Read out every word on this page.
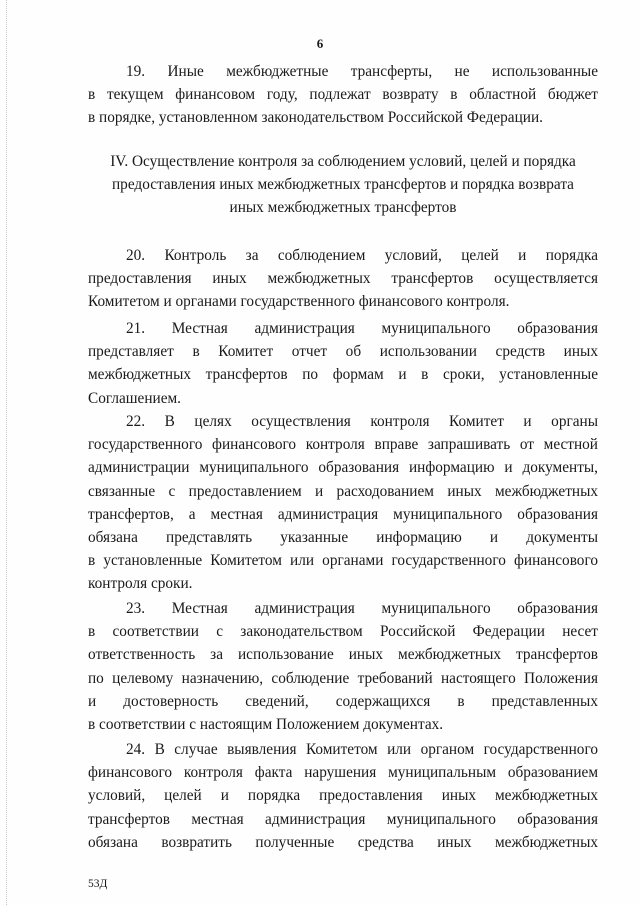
6
19. Иные межбюджетные трансферты, не использованные
в текущем финансовом году, подлежат возврату в областной бюджет
в порядке, установленном законодательством Российской Федерации.
IV. Осуществление контроля за соблюдением условий, целей и порядка
предоставления иных межбюджетных трансфертов и порядка возврата
иных межбюджетных трансфертов
20. Контроль за соблюдением условий, целей и порядка
предоставления иных межбюджетных трансфертов осуществляется
Комитетом и органами государственного финансового контроля.
21. Местная администрация муниципального образования
представляет в Комитет отчет об использовании средств иных
межбюджетных трансфертов по формам и в сроки, установленные
Соглашением.
22. В целях осуществления контроля Комитет и органы
государственного финансового контроля вправе запрашивать от местной
администрации муниципального образования информацию и документы,
связанные с предоставлением и расходованием иных межбюджетных
трансфертов, а местная администрация муниципального образования
обязана представлять указанные информацию и документы
в установленные Комитетом или органами государственного финансового
контроля сроки.
23. Местная администрация муниципального образования
в соответствии с законодательством Российской Федерации несет
ответственность за использование иных межбюджетных трансфертов
по целевому назначению, соблюдение требований настоящего Положения
и достоверность сведений, содержащихся в представленных
в соответствии с настоящим Положением документах.
24. В случае выявления Комитетом или органом государственного
финансового контроля факта нарушения муниципальным образованием
условий, целей и порядка предоставления иных межбюджетных
трансфертов местная администрация муниципального образования
обязана возвратить полученные средства иных межбюджетных
53Д
